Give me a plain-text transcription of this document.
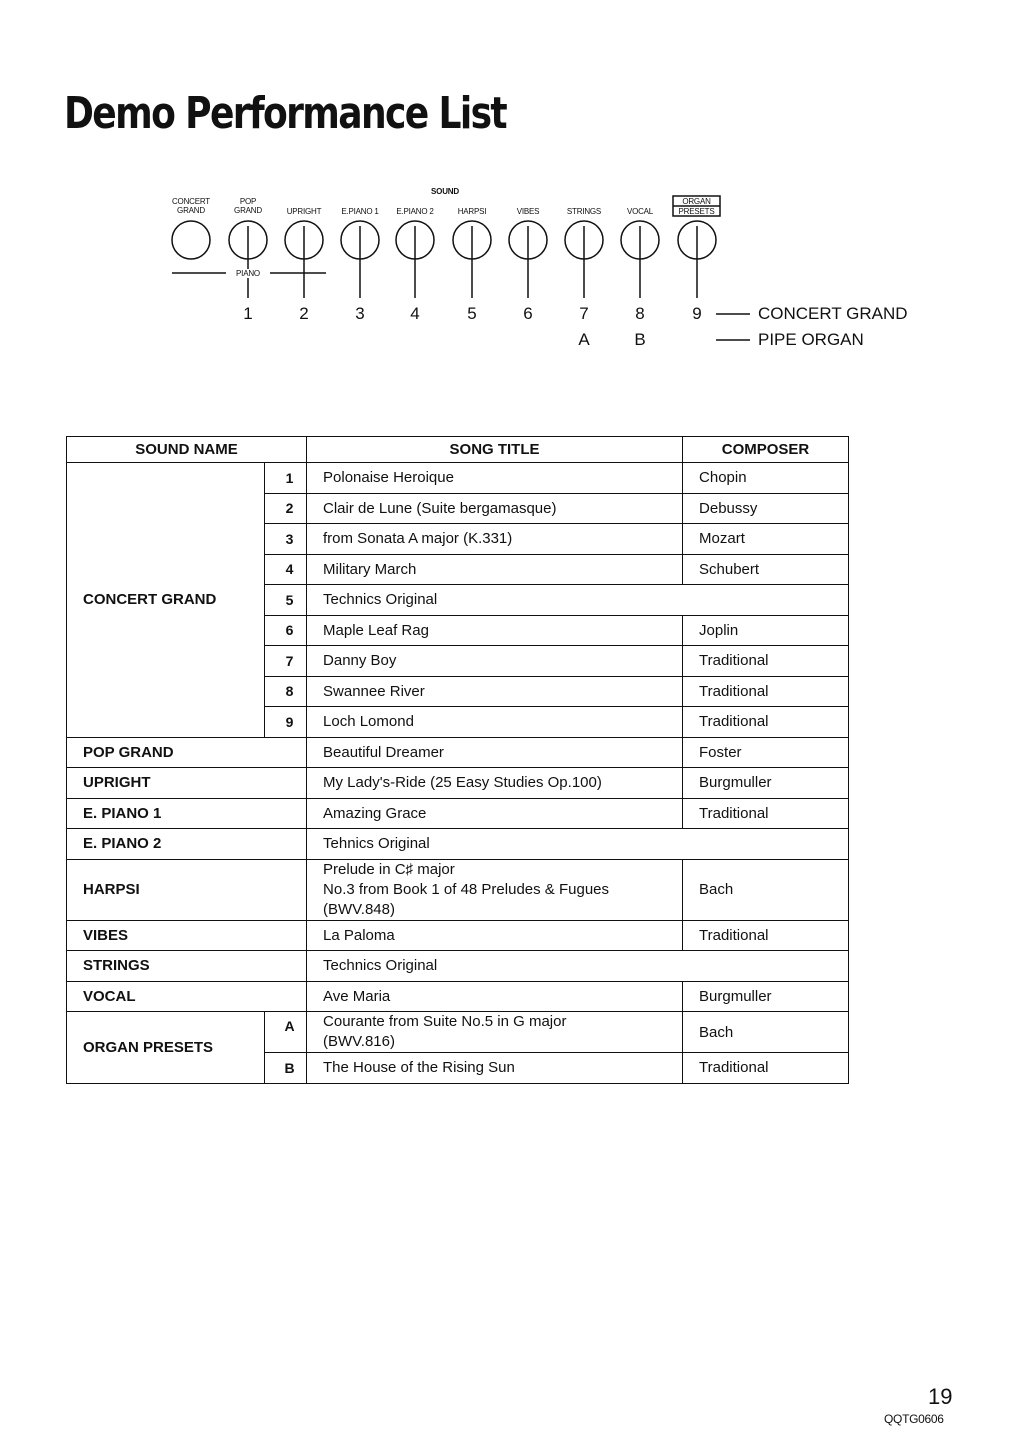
Demo Performance List
SOUND
CONCERT
GRAND
POP
GRAND	UPRIGHT	E.PIANO 1	E.PIANO 2	HARPSI	VIBES	STRINGS	VOCAL
ORGAN
PRESETS
PIANO
1	2	3	4	5	6	7	8	9
A	B
CONCERT GRAND
PIPE ORGAN
SOUND NAME		SONG TITLE	COMPOSER
CONCERT GRAND	1	Polonaise Heroique	Chopin
	2	Clair de Lune (Suite bergamasque)	Debussy
	3	from Sonata A major (K.331)	Mozart
	4	Military March	Schubert
	5	Technics Original	
	6	Maple Leaf Rag	Joplin
	7	Danny Boy	Traditional
	8	Swannee River	Traditional
	9	Loch Lomond	Traditional
POP GRAND		Beautiful Dreamer	Foster
UPRIGHT		My Lady's-Ride (25 Easy Studies Op.100)	Burgmuller
E. PIANO 1		Amazing Grace	Traditional
E. PIANO 2		Tehnics Original	
HARPSI		Prelude in C♯ major
No.3 from Book 1 of 48 Preludes & Fugues
(BWV.848)	Bach
VIBES		La Paloma	Traditional
STRINGS		Technics Original	
VOCAL		Ave Maria	Burgmuller
ORGAN PRESETS	A	Courante from Suite No.5 in G major
(BWV.816)	Bach
	B	The House of the Rising Sun	Traditional
19
QQTG0606
